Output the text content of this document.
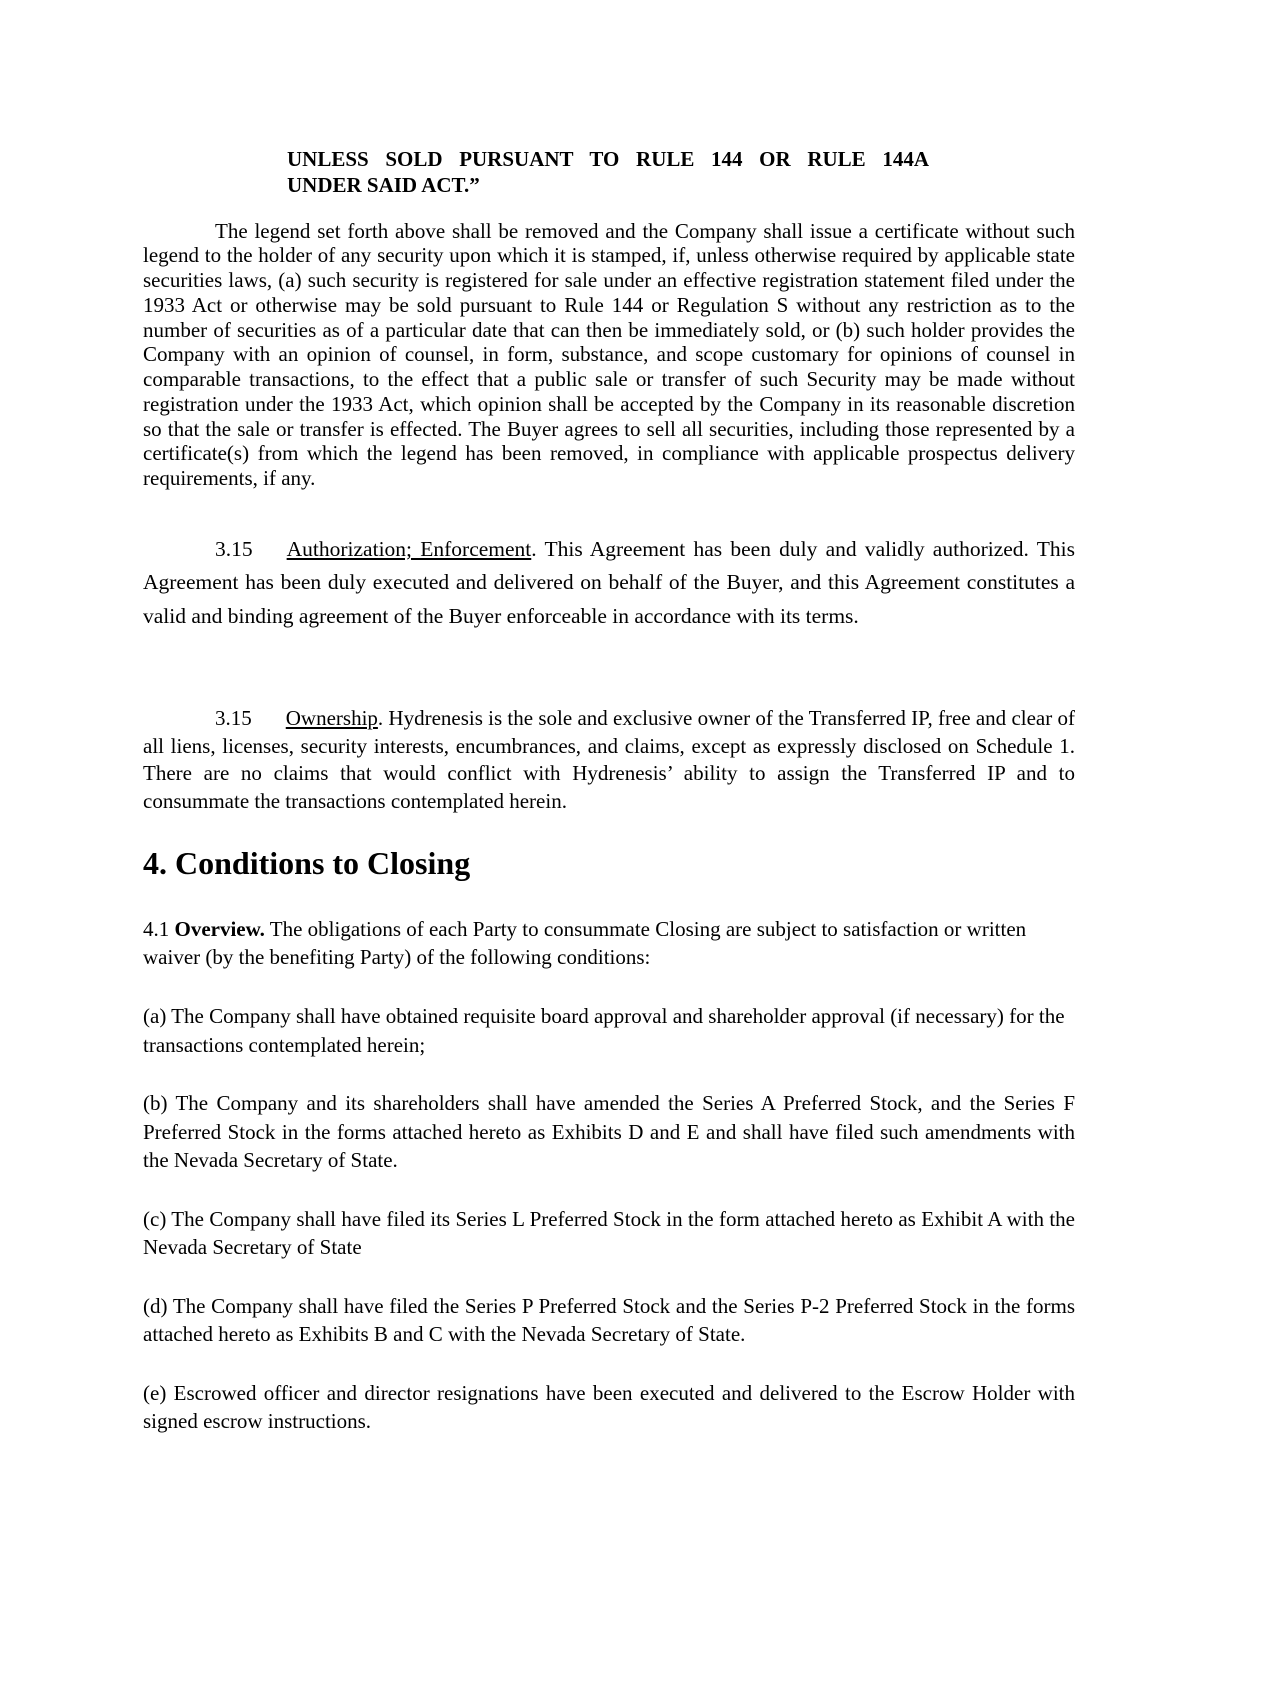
UNLESS SOLD PURSUANT TO RULE 144 OR RULE 144A
UNDER SAID ACT.”

The legend set forth above shall be removed and the Company shall issue a certificate without such legend to the holder of any security upon which it is stamped, if, unless otherwise required by applicable state securities laws, (a) such security is registered for sale under an effective registration statement filed under the 1933 Act or otherwise may be sold pursuant to Rule 144 or Regulation S without any restriction as to the number of securities as of a particular date that can then be immediately sold, or (b) such holder provides the Company with an opinion of counsel, in form, substance, and scope customary for opinions of counsel in comparable transactions, to the effect that a public sale or transfer of such Security may be made without registration under the 1933 Act, which opinion shall be accepted by the Company in its reasonable discretion so that the sale or transfer is effected. The Buyer agrees to sell all securities, including those represented by a certificate(s) from which the legend has been removed, in compliance with applicable prospectus delivery requirements, if any.

3.15 Authorization; Enforcement. This Agreement has been duly and validly authorized. This Agreement has been duly executed and delivered on behalf of the Buyer, and this Agreement constitutes a valid and binding agreement of the Buyer enforceable in accordance with its terms.

3.15 Ownership. Hydrenesis is the sole and exclusive owner of the Transferred IP, free and clear of all liens, licenses, security interests, encumbrances, and claims, except as expressly disclosed on Schedule 1. There are no claims that would conflict with Hydrenesis’ ability to assign the Transferred IP and to consummate the transactions contemplated herein.

4. Conditions to Closing

4.1 Overview. The obligations of each Party to consummate Closing are subject to satisfaction or written waiver (by the benefiting Party) of the following conditions:

(a) The Company shall have obtained requisite board approval and shareholder approval (if necessary) for the transactions contemplated herein;

(b) The Company and its shareholders shall have amended the Series A Preferred Stock, and the Series F Preferred Stock in the forms attached hereto as Exhibits D and E and shall have filed such amendments with the Nevada Secretary of State.

(c) The Company shall have filed its Series L Preferred Stock in the form attached hereto as Exhibit A with the Nevada Secretary of State

(d) The Company shall have filed the Series P Preferred Stock and the Series P-2 Preferred Stock in the forms attached hereto as Exhibits B and C with the Nevada Secretary of State.

(e) Escrowed officer and director resignations have been executed and delivered to the Escrow Holder with signed escrow instructions.
